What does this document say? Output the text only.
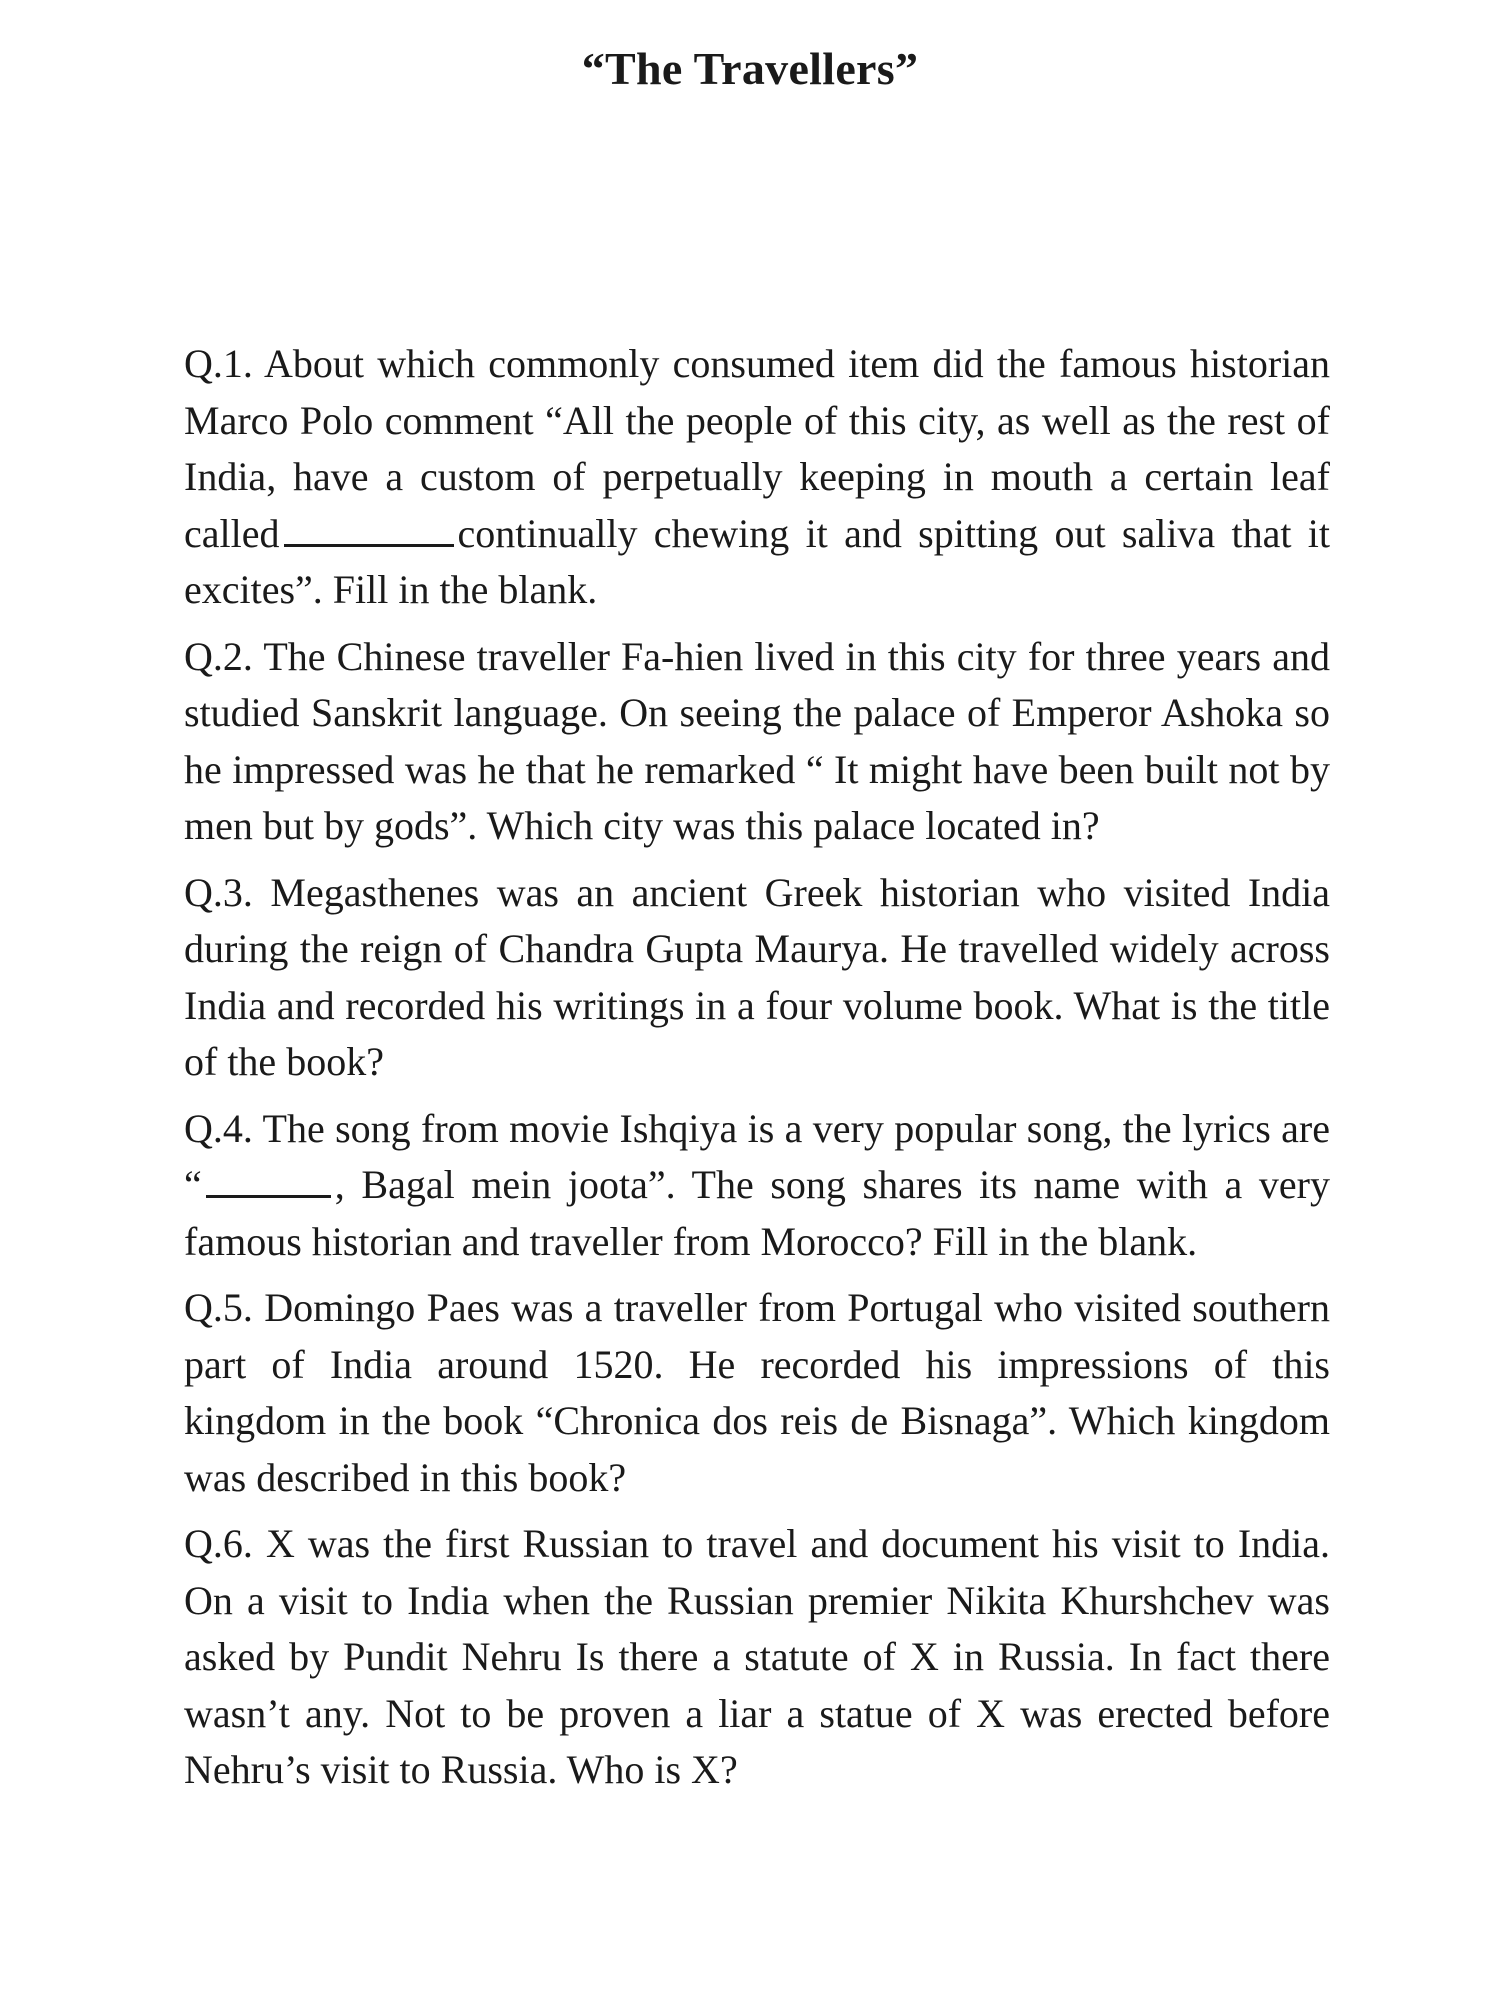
“The Travellers”

Q.1. About which commonly consumed item did the famous historian Marco Polo comment “All the people of this city, as well as the rest of India, have a custom of perpetually keeping in mouth a certain leaf called	continually chewing it and spitting out saliva that it excites”. Fill in the blank.

Q.2. The Chinese traveller Fa-hien lived in this city for three years and studied Sanskrit language. On seeing the palace of Emperor Ashoka so he impressed was he that he remarked “ It might have been built not by men but by gods”. Which city was this palace located in?

Q.3. Megasthenes was an ancient Greek historian who visited India during the reign of Chandra Gupta Maurya. He travelled widely across India and recorded his writings in a four volume book. What is the title of the book?

Q.4. The song from movie Ishqiya is a very popular song, the lyrics are “	, Bagal mein joota”. The song shares its name with a very famous historian and traveller from Morocco? Fill in the blank.

Q.5. Domingo Paes was a traveller from Portugal who visited southern part of India around 1520. He recorded his impressions of this kingdom in the book “Chronica dos reis de Bisnaga”. Which kingdom was described in this book?

Q.6. X was the first Russian to travel and document his visit to India. On a visit to India when the Russian premier Nikita Khurshchev was asked by Pundit Nehru Is there a statute of X in Russia. In fact there wasn’t any. Not to be proven a liar a statue of X was erected before Nehru’s visit to Russia. Who is X?
